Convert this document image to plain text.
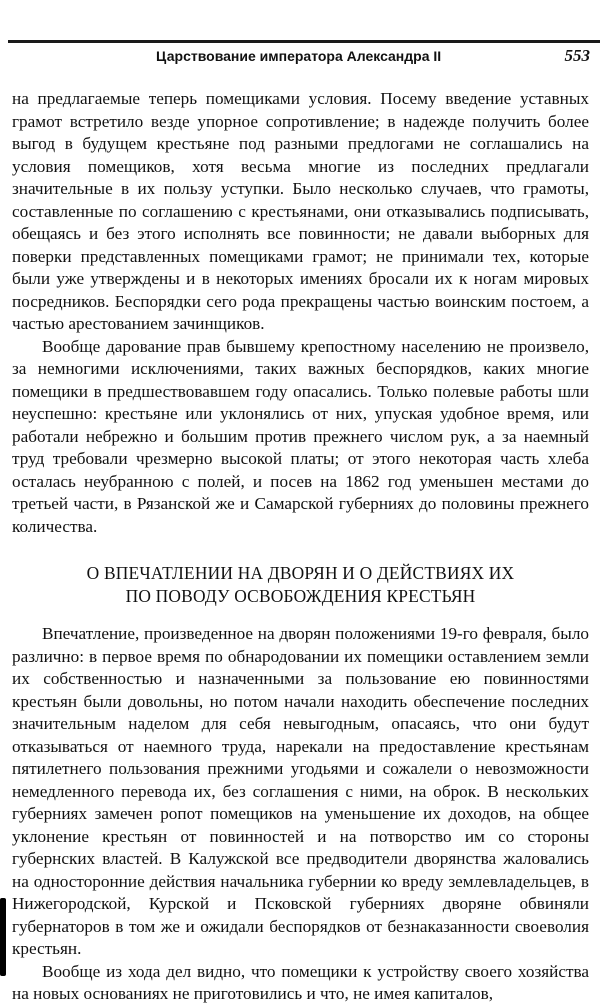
Царствование императора Александра II	553

на предлагаемые теперь помещиками условия. Посему введение уставных грамот встретило везде упорное сопротивление; в надежде получить более выгод в будущем крестьяне под разными предлогами не соглашались на условия помещиков, хотя весьма многие из последних предлагали значительные в их пользу уступки. Было несколько случаев, что грамоты, составленные по соглашению с крестьянами, они отказывались подписывать, обещаясь и без этого исполнять все повинности; не давали выборных для поверки представленных помещиками грамот; не принимали тех, которые были уже утверждены и в некоторых имениях бросали их к ногам мировых посредников. Беспорядки сего рода прекращены частью воинским постоем, а частью арестованием зачинщиков.

Вообще дарование прав бывшему крепостному населению не произвело, за немногими исключениями, таких важных беспорядков, каких многие помещики в предшествовавшем году опасались. Только полевые работы шли неуспешно: крестьяне или уклонялись от них, упуская удобное время, или работали небрежно и большим против прежнего числом рук, а за наемный труд требовали чрезмерно высокой платы; от этого некоторая часть хлеба осталась неубранною с полей, и посев на 1862 год уменьшен местами до третьей части, в Рязанской же и Самарской губерниях до половины прежнего количества.

О ВПЕЧАТЛЕНИИ НА ДВОРЯН И О ДЕЙСТВИЯХ ИХ
ПО ПОВОДУ ОСВОБОЖДЕНИЯ КРЕСТЬЯН

Впечатление, произведенное на дворян положениями 19-го февраля, было различно: в первое время по обнародовании их помещики оставлением земли их собственностью и назначенными за пользование ею повинностями крестьян были довольны, но потом начали находить обеспечение последних значительным наделом для себя невыгодным, опасаясь, что они будут отказываться от наемного труда, нарекали на предоставление крестьянам пятилетнего пользования прежними угодьями и сожалели о невозможности немедленного перевода их, без соглашения с ними, на оброк. В нескольких губерниях замечен ропот помещиков на уменьшение их доходов, на общее уклонение крестьян от повинностей и на потворство им со стороны губернских властей. В Калужской все предводители дворянства жаловались на односторонние действия начальника губернии ко вреду землевладельцев, в Нижегородской, Курской и Псковской губерниях дворяне обвиняли губернаторов в том же и ожидали беспорядков от безнаказанности своеволия крестьян.

Вообще из хода дел видно, что помещики к устройству своего хозяйства на новых основаниях не приготовились и что, не имея капиталов,
